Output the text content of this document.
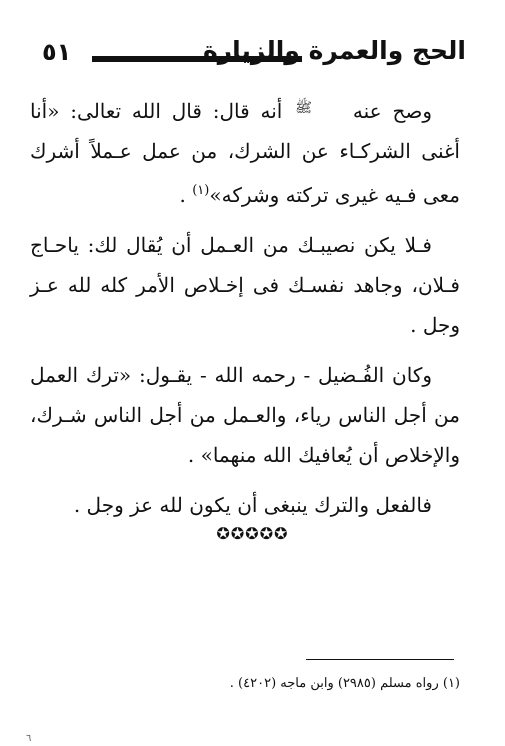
٥١	الحج والعمرة والزيارة

وصح عنه ﷺ أنه قال: قال الله تعالى: «أنا أغنى الشركـاء عن الشرك، من عمل عـملاً أشرك معى فـيه غيرى تركته وشركه»$^{(١)}$ .

فـلا يكن نصيبـك من العـمل أن يُقال لك: ياحـاج فـلان، وجاهد نفسـك فى إخـلاص الأمر كله لله عـز وجل .

وكان الفُـضيل - رحمه الله - يقـول: «ترك العمل من أجل الناس رياء، والعـمل من أجل الناس شـرك، والإخلاص أن يُعافيك الله منهما» .

فالفعل والترك ينبغى أن يكون لله عز وجل .

✪✪✪✪✪
(١) رواه مسلم (٢٩٨٥) وابن ماجه (٤٢٠٢) .
٦
